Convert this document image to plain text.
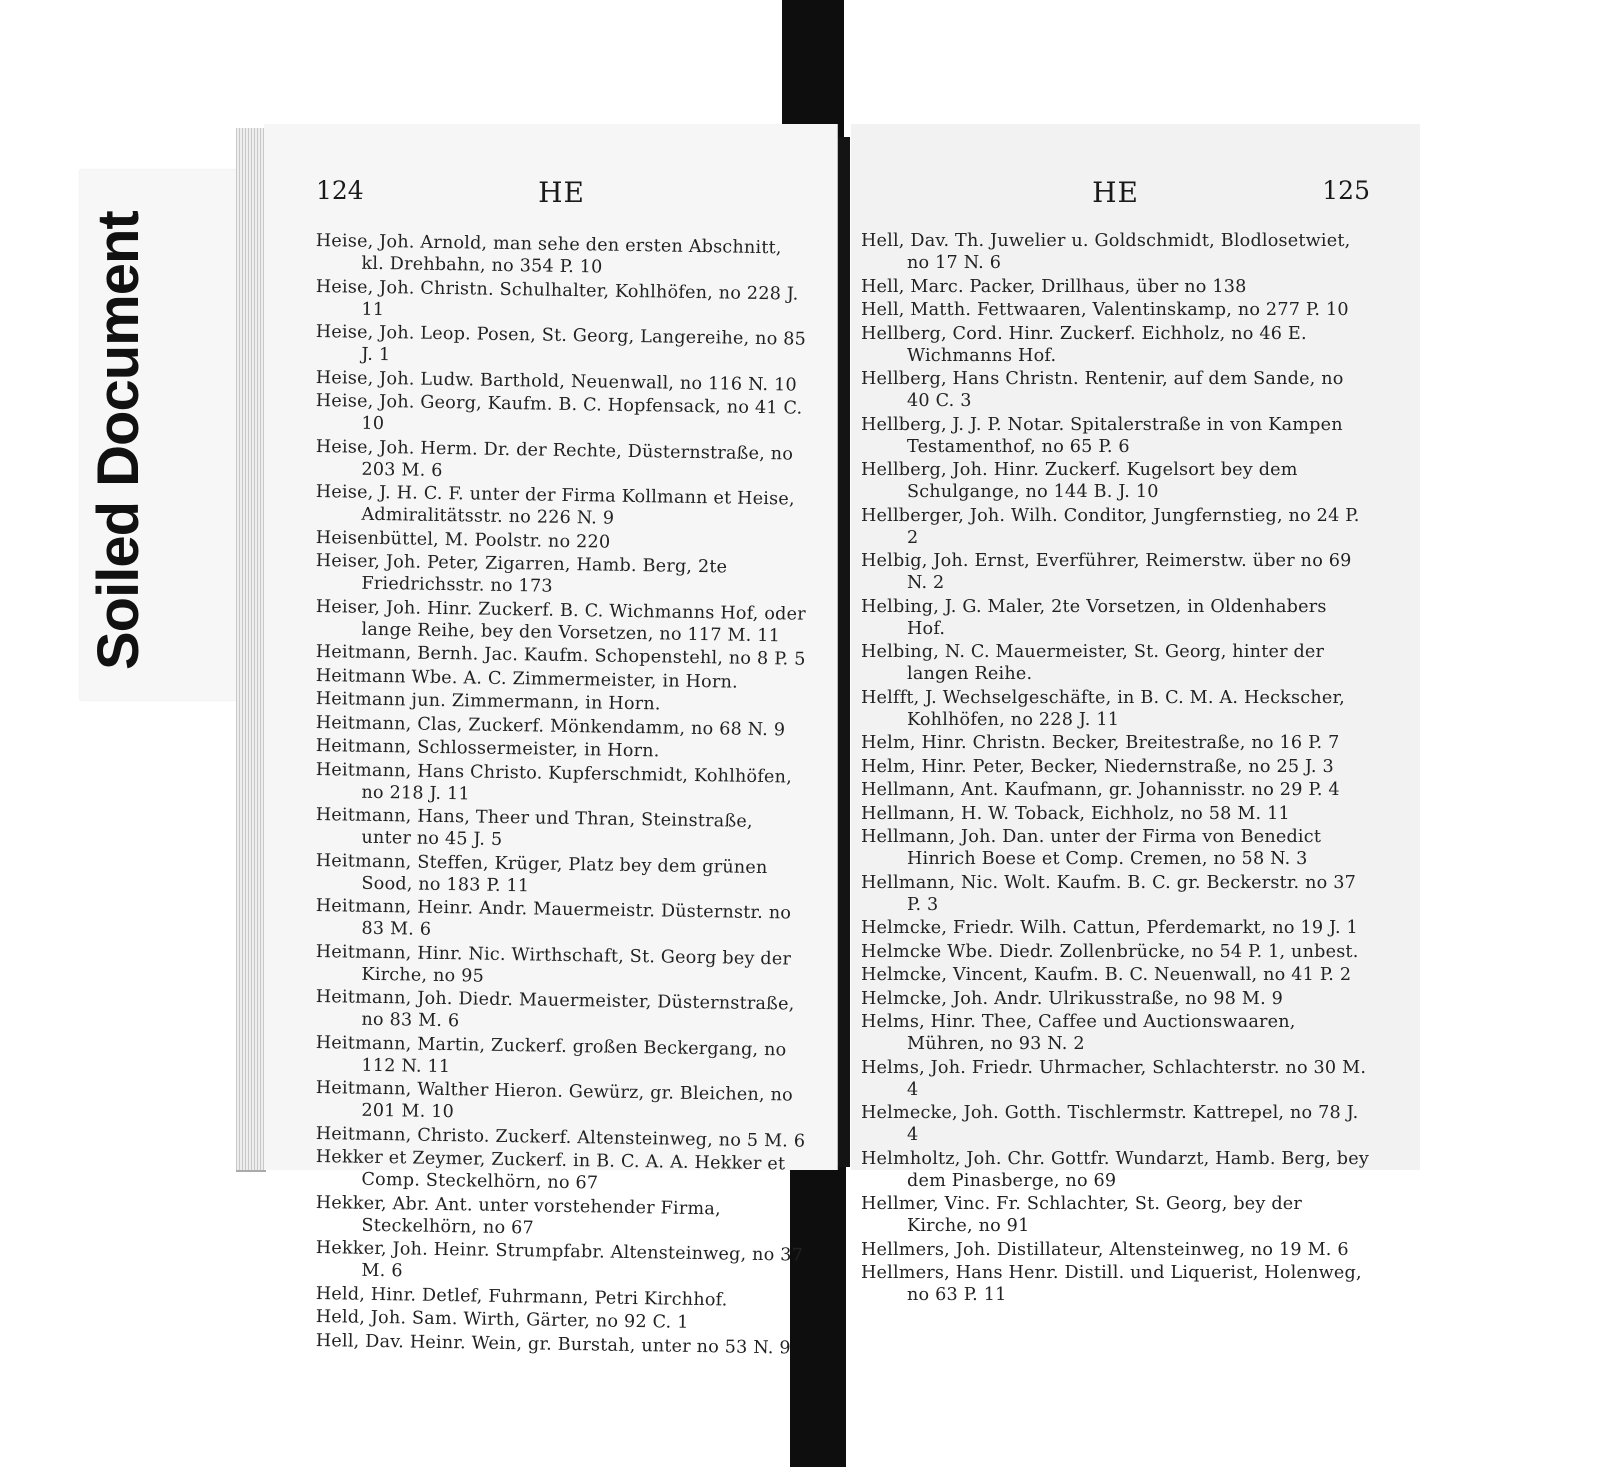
Soiled Document
124	HE
Heise, Joh. Arnold, man sehe den ersten Abschnitt, kl. Drehbahn, no 354 P. 10
Heise, Joh. Christn. Schulhalter, Kohlhöfen, no 228 J. 11
Heise, Joh. Leop. Posen, St. Georg, Langereihe, no 85 J. 1
Heise, Joh. Ludw. Barthold, Neuenwall, no 116 N. 10
Heise, Joh. Georg, Kaufm. B. C. Hopfensack, no 41 C. 10
Heise, Joh. Herm. Dr. der Rechte, Düsternstraße, no 203 M. 6
Heise, J. H. C. F. unter der Firma Kollmann et Heise, Admiralitätsstr. no 226 N. 9
Heisenbüttel, M. Poolstr. no 220
Heiser, Joh. Peter, Zigarren, Hamb. Berg, 2te Friedrichsstr. no 173
Heiser, Joh. Hinr. Zuckerf. B. C. Wichmanns Hof, oder lange Reihe, bey den Vorsetzen, no 117 M. 11
Heitmann, Bernh. Jac. Kaufm. Schopenstehl, no 8 P. 5
Heitmann Wbe. A. C. Zimmermeister, in Horn.
Heitmann jun. Zimmermann, in Horn.
Heitmann, Clas, Zuckerf. Mönkendamm, no 68 N. 9
Heitmann, Schlossermeister, in Horn.
Heitmann, Hans Christo. Kupferschmidt, Kohlhöfen, no 218 J. 11
Heitmann, Hans, Theer und Thran, Steinstraße, unter no 45 J. 5
Heitmann, Steffen, Krüger, Platz bey dem grünen Sood, no 183 P. 11
Heitmann, Heinr. Andr. Mauermeistr. Düsternstr. no 83 M. 6
Heitmann, Hinr. Nic. Wirthschaft, St. Georg bey der Kirche, no 95
Heitmann, Joh. Diedr. Mauermeister, Düsternstraße, no 83 M. 6
Heitmann, Martin, Zuckerf. großen Beckergang, no 112 N. 11
Heitmann, Walther Hieron. Gewürz, gr. Bleichen, no 201 M. 10
Heitmann, Christo. Zuckerf. Altensteinweg, no 5 M. 6
Hekker et Zeymer, Zuckerf. in B. C. A. A. Hekker et Comp. Steckelhörn, no 67
Hekker, Abr. Ant. unter vorstehender Firma, Steckelhörn, no 67
Hekker, Joh. Heinr. Strumpfabr. Altensteinweg, no 37 M. 6
Held, Hinr. Detlef, Fuhrmann, Petri Kirchhof.
Held, Joh. Sam. Wirth, Gärter, no 92 C. 1
Hell, Dav. Heinr. Wein, gr. Burstah, unter no 53 N. 9
HE	125
Hell, Dav. Th. Juwelier u. Goldschmidt, Blodlosetwiet, no 17 N. 6
Hell, Marc. Packer, Drillhaus, über no 138
Hell, Matth. Fettwaaren, Valentinskamp, no 277 P. 10
Hellberg, Cord. Hinr. Zuckerf. Eichholz, no 46 E. Wichmanns Hof.
Hellberg, Hans Christn. Rentenir, auf dem Sande, no 40 C. 3
Hellberg, J. J. P. Notar. Spitalerstraße in von Kampen Testamenthof, no 65 P. 6
Hellberg, Joh. Hinr. Zuckerf. Kugelsort bey dem Schulgange, no 144 B. J. 10
Hellberger, Joh. Wilh. Conditor, Jungfernstieg, no 24 P. 2
Helbig, Joh. Ernst, Everführer, Reimerstw. über no 69 N. 2
Helbing, J. G. Maler, 2te Vorsetzen, in Oldenhabers Hof.
Helbing, N. C. Mauermeister, St. Georg, hinter der langen Reihe.
Helfft, J. Wechselgeschäfte, in B. C. M. A. Heckscher, Kohlhöfen, no 228 J. 11
Helm, Hinr. Christn. Becker, Breitestraße, no 16 P. 7
Helm, Hinr. Peter, Becker, Niedernstraße, no 25 J. 3
Hellmann, Ant. Kaufmann, gr. Johannisstr. no 29 P. 4
Hellmann, H. W. Toback, Eichholz, no 58 M. 11
Hellmann, Joh. Dan. unter der Firma von Benedict Hinrich Boese et Comp. Cremen, no 58 N. 3
Hellmann, Nic. Wolt. Kaufm. B. C. gr. Beckerstr. no 37 P. 3
Helmcke, Friedr. Wilh. Cattun, Pferdemarkt, no 19 J. 1
Helmcke Wbe. Diedr. Zollenbrücke, no 54 P. 1, unbest.
Helmcke, Vincent, Kaufm. B. C. Neuenwall, no 41 P. 2
Helmcke, Joh. Andr. Ulrikusstraße, no 98 M. 9
Helms, Hinr. Thee, Caffee und Auctionswaaren, Mühren, no 93 N. 2
Helms, Joh. Friedr. Uhrmacher, Schlachterstr. no 30 M. 4
Helmecke, Joh. Gotth. Tischlermstr. Kattrepel, no 78 J. 4
Helmholtz, Joh. Chr. Gottfr. Wundarzt, Hamb. Berg, bey dem Pinasberge, no 69
Hellmer, Vinc. Fr. Schlachter, St. Georg, bey der Kirche, no 91
Hellmers, Joh. Distillateur, Altensteinweg, no 19 M. 6
Hellmers, Hans Henr. Distill. und Liquerist, Holenweg, no 63 P. 11
